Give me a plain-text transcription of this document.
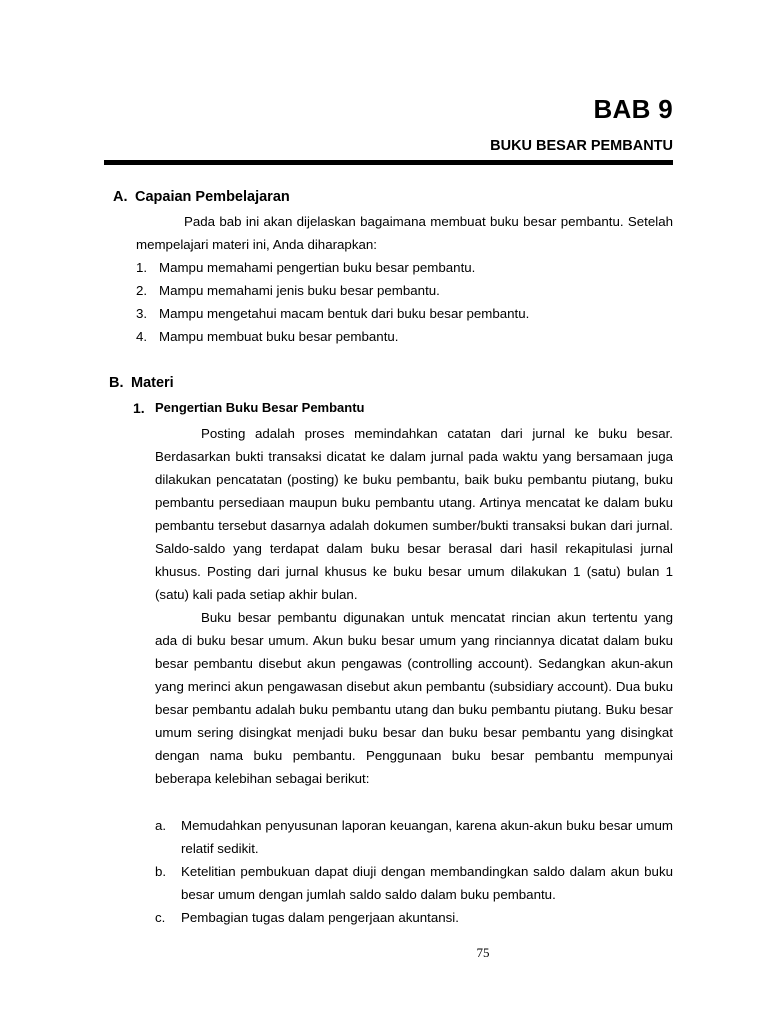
BAB 9
BUKU BESAR PEMBANTU
A. Capaian Pembelajaran
Pada bab ini akan dijelaskan bagaimana membuat buku besar pembantu. Setelah mempelajari materi ini, Anda diharapkan:
1. Mampu memahami pengertian buku besar pembantu.
2. Mampu memahami jenis buku besar pembantu.
3. Mampu mengetahui macam bentuk dari buku besar pembantu.
4. Mampu membuat buku besar pembantu.
B. Materi
1. Pengertian Buku Besar Pembantu
Posting adalah proses memindahkan catatan dari jurnal ke buku besar. Berdasarkan bukti transaksi dicatat ke dalam jurnal pada waktu yang bersamaan juga dilakukan pencatatan (posting) ke buku pembantu, baik buku pembantu piutang, buku pembantu persediaan maupun buku pembantu utang. Artinya mencatat ke dalam buku pembantu tersebut dasarnya adalah dokumen sumber/bukti transaksi bukan dari jurnal. Saldo-saldo yang terdapat dalam buku besar berasal dari hasil rekapitulasi jurnal khusus. Posting dari jurnal khusus ke buku besar umum dilakukan 1 (satu) bulan 1 (satu) kali pada setiap akhir bulan.
Buku besar pembantu digunakan untuk mencatat rincian akun tertentu yang ada di buku besar umum. Akun buku besar umum yang rinciannya dicatat dalam buku besar pembantu disebut akun pengawas (controlling account). Sedangkan akun-akun yang merinci akun pengawasan disebut akun pembantu (subsidiary account). Dua buku besar pembantu adalah buku pembantu utang dan buku pembantu piutang. Buku besar umum sering disingkat menjadi buku besar dan buku besar pembantu yang disingkat dengan nama buku pembantu. Penggunaan buku besar pembantu mempunyai beberapa kelebihan sebagai berikut:
a.	Memudahkan penyusunan laporan keuangan, karena akun-akun buku besar umum relatif sedikit.
b.	Ketelitian pembukuan dapat diuji dengan membandingkan saldo dalam akun buku besar umum dengan jumlah saldo saldo dalam buku pembantu.
c.	Pembagian tugas dalam pengerjaan akuntansi.
75
